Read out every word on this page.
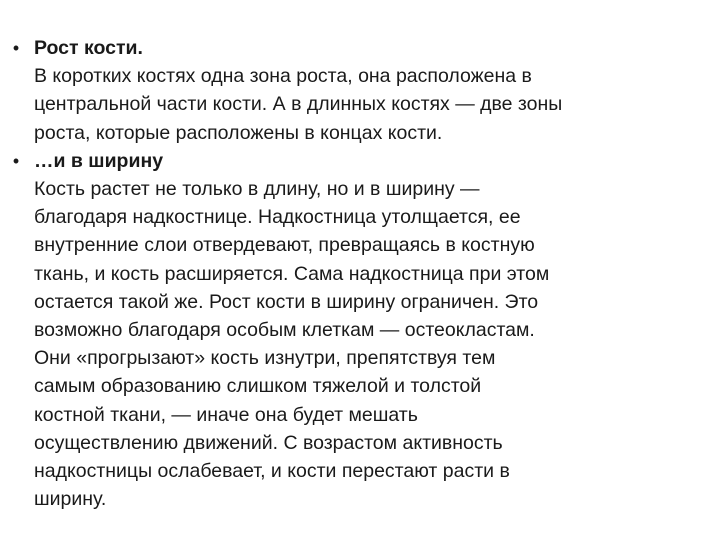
• Рост кости.
В коротких костях одна зона роста, она расположена в
центральной части кости. А в длинных костях — две зоны
роста, которые расположены в концах кости.
• …и в ширину
Кость растет не только в длину, но и в ширину —
благодаря надкостнице. Надкостница утолщается, ее
внутренние слои отвердевают, превращаясь в костную
ткань, и кость расширяется. Сама надкостница при этом
остается такой же. Рост кости в ширину ограничен. Это
возможно благодаря особым клеткам — остеокластам.
Они «прогрызают» кость изнутри, препятствуя тем
самым образованию слишком тяжелой и толстой
костной ткани, — иначе она будет мешать
осуществлению движений. С возрастом активность
надкостницы ослабевает, и кости перестают расти в
ширину.
